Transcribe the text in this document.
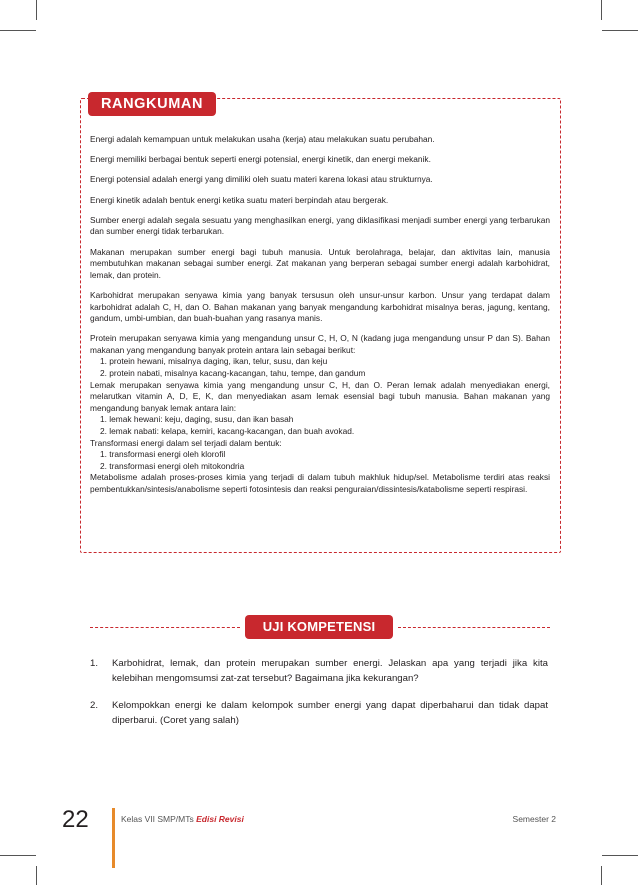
RANGKUMAN

Energi adalah kemampuan untuk melakukan usaha (kerja) atau melakukan suatu perubahan.

Energi memiliki berbagai bentuk seperti energi potensial, energi kinetik, dan energi mekanik.

Energi potensial adalah energi yang dimiliki oleh suatu materi karena lokasi atau strukturnya.

Energi kinetik adalah bentuk energi ketika suatu materi berpindah atau bergerak.

Sumber energi adalah segala sesuatu yang menghasilkan energi, yang diklasifikasi menjadi sumber energi yang terbarukan dan sumber energi tidak terbarukan.

Makanan merupakan sumber energi bagi tubuh manusia. Untuk berolahraga, belajar, dan aktivitas lain, manusia membutuhkan makanan sebagai sumber energi. Zat makanan yang berperan sebagai sumber energi adalah karbohidrat, lemak, dan protein.

Karbohidrat merupakan senyawa kimia yang banyak tersusun oleh unsur-unsur karbon. Unsur yang terdapat dalam karbohidrat adalah C, H, dan O. Bahan makanan yang banyak mengandung karbohidrat misalnya beras, jagung, kentang, gandum, umbi-umbian, dan buah-buahan yang rasanya manis.

Protein merupakan senyawa kimia yang mengandung unsur C, H, O, N (kadang juga mengandung unsur P dan S). Bahan makanan yang mengandung banyak protein antara lain sebagai berikut:

1. protein hewani, misalnya daging, ikan, telur, susu, dan keju

2. protein nabati, misalnya kacang-kacangan, tahu, tempe, dan gandum

Lemak merupakan senyawa kimia yang mengandung unsur C, H, dan O. Peran lemak adalah menyediakan energi, melarutkan vitamin A, D, E, K, dan menyediakan asam lemak esensial bagi tubuh manusia. Bahan makanan yang mengandung banyak lemak antara lain:

1. lemak hewani: keju, daging, susu, dan ikan basah

2. lemak nabati: kelapa, kemiri, kacang-kacangan, dan buah avokad.

Transformasi energi dalam sel terjadi dalam bentuk:

1. transformasi energi oleh klorofil

2. transformasi energi oleh mitokondria

Metabolisme adalah proses-proses kimia yang terjadi di dalam tubuh makhluk hidup/sel. Metabolisme terdiri atas reaksi pembentukkan/sintesis/anabolisme seperti fotosintesis dan reaksi penguraian/dissintesis/katabolisme seperti respirasi.

UJI KOMPETENSI
1.	Karbohidrat, lemak, dan protein merupakan sumber energi. Jelaskan apa yang terjadi jika kita kelebihan mengomsumsi zat-zat tersebut? Bagaimana jika kekurangan?
2.	Kelompokkan energi ke dalam kelompok sumber energi yang dapat diperbaharui dan tidak dapat diperbarui. (Coret yang salah)
22	Kelas VII SMP/MTs Edisi Revisi	Semester 2
